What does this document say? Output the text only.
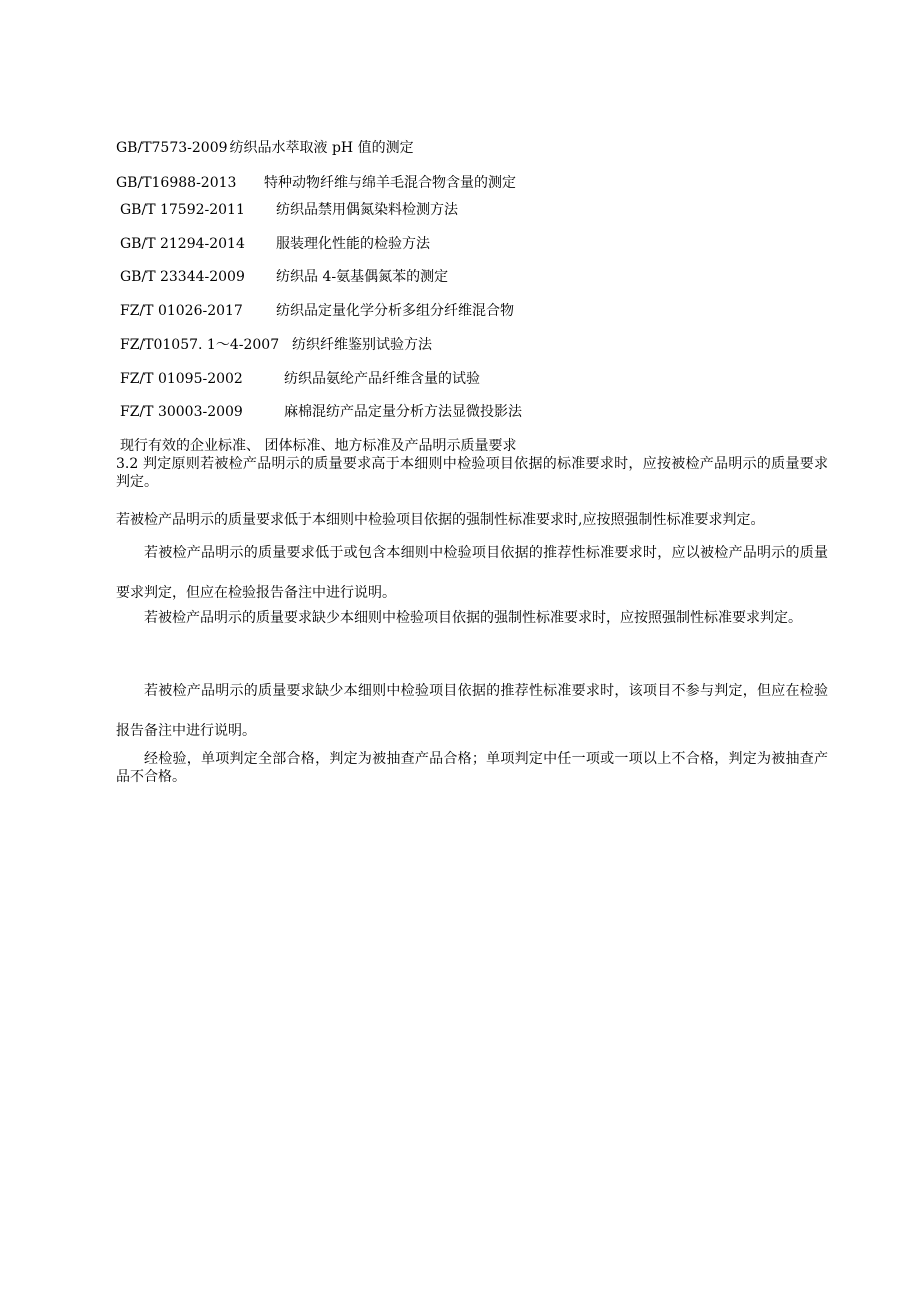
GB/T7573-2009 纺织品水萃取液 pH 值的测定
GB/T16988-2013 特种动物纤维与绵羊毛混合物含量的测定
GB/T 17592-2011 纺织品禁用偶氮染料检测方法
GB/T 21294-2014 服装理化性能的检验方法
GB/T 23344-2009 纺织品 4-氨基偶氮苯的测定
FZ/T 01026-2017 纺织品定量化学分析多组分纤维混合物
FZ/T01057. 1～4-2007 纺织纤维鉴别试验方法
FZ/T 01095-2002	纺织品氨纶产品纤维含量的试验
FZ/T 30003-2009	麻棉混纺产品定量分析方法显微投影法
现行有效的企业标准、 团体标准、地方标准及产品明示质量要求
3.2 判定原则若被检产品明示的质量要求高于本细则中检验项目依据的标准要求时，应按被检产品明示的质量要求判定。
若被检产品明示的质量要求低于本细则中检验项目依据的强制性标准要求时,应按照强制性标准要求判定。
若被检产品明示的质量要求低于或包含本细则中检验项目依据的推荐性标准要求时，应以被检产品明示的质量要求判定，但应在检验报告备注中进行说明。
若被检产品明示的质量要求缺少本细则中检验项目依据的强制性标准要求时，应按照强制性标准要求判定。
若被检产品明示的质量要求缺少本细则中检验项目依据的推荐性标准要求时，该项目不参与判定，但应在检验报告备注中进行说明。
经检验，单项判定全部合格，判定为被抽查产品合格；单项判定中任一项或一项以上不合格，判定为被抽查产品不合格。
